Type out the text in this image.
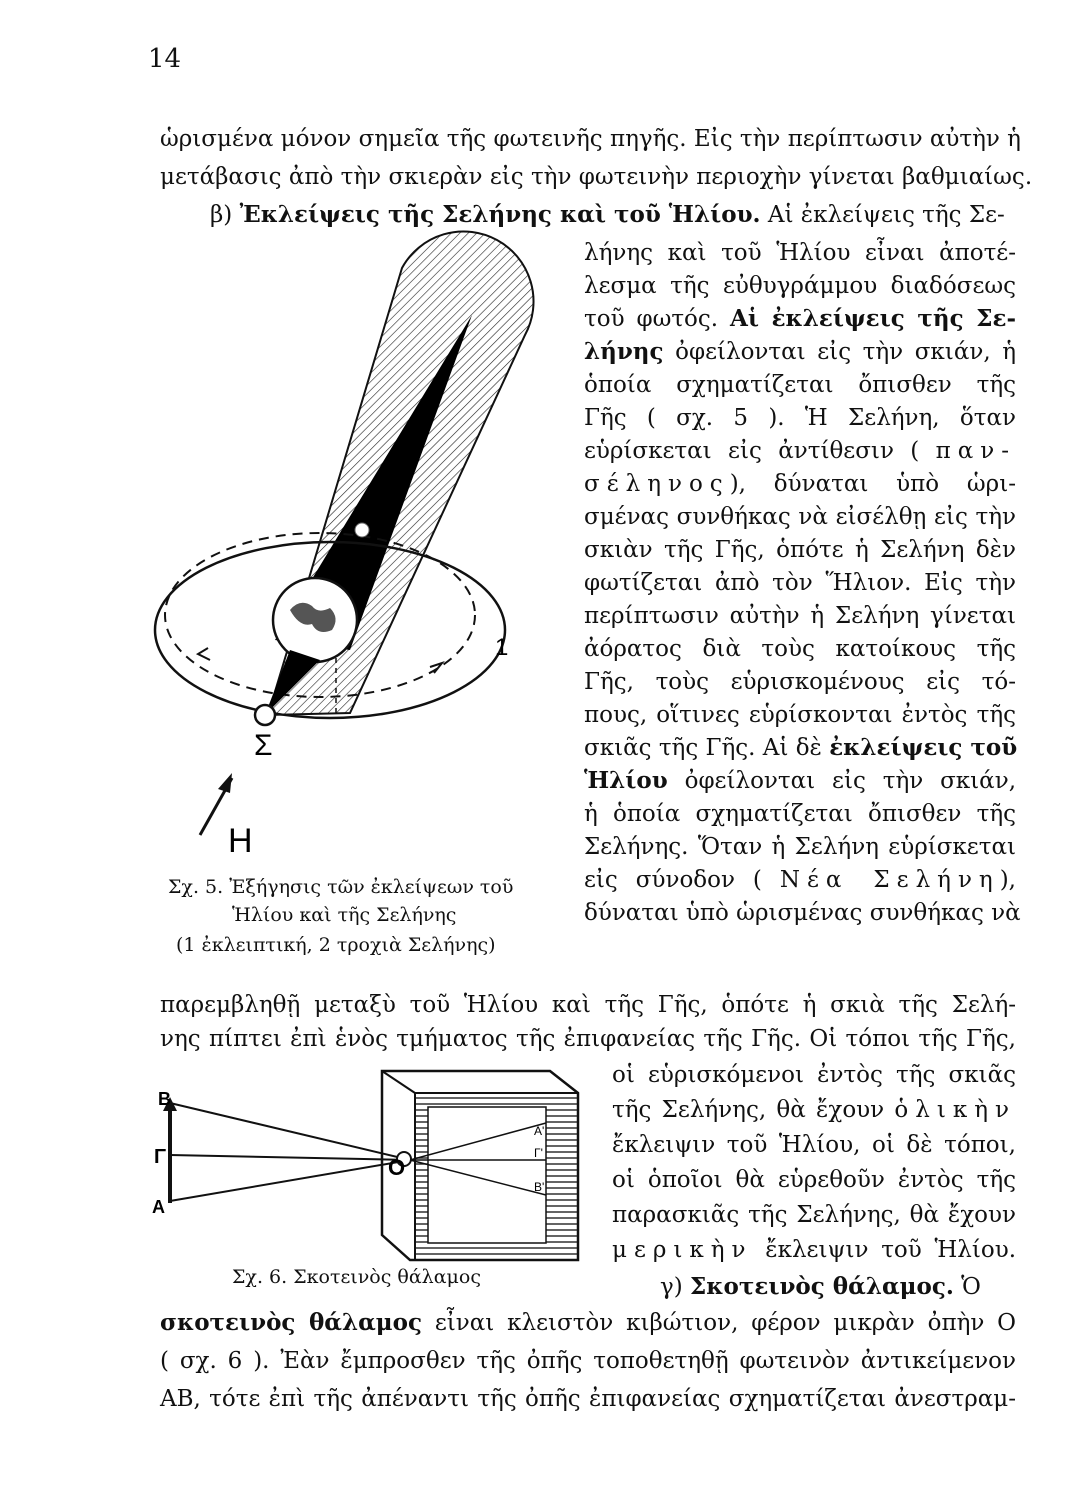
14
ὡρισμένα μόνον σημεῖα τῆς φωτεινῆς πηγῆς. Εἰς τὴν περίπτωσιν αὐτὴν ἡ
μετάβασις ἀπὸ τὴν σκιερὰν εἰς τὴν φωτεινὴν περιοχὴν γίνεται βαθμιαίως.
β) Ἐκλείψεις τῆς Σελήνης καὶ τοῦ Ἡλίου. Αἱ ἐκλείψεις τῆς Σε-
λήνης καὶ τοῦ Ἡλίου εἶναι ἀποτέ-
λεσμα τῆς εὐθυγράμμου διαδόσεως
τοῦ φωτός. Αἱ ἐκλείψεις τῆς Σε-
λήνης ὀφείλονται εἰς τὴν σκιάν, ἡ
ὁποία σχηματίζεται ὄπισθεν τῆς
Γῆς ( σχ. 5 ). Ἡ Σελήνη, ὅταν
εὑρίσκεται εἰς ἀντίθεσιν ( παν-
σέληνος), δύναται ὑπὸ ὡρι-
σμένας συνθήκας νὰ εἰσέλθῃ εἰς τὴν
σκιὰν τῆς Γῆς, ὁπότε ἡ Σελήνη δὲν
φωτίζεται ἀπὸ τὸν Ἥλιον. Εἰς τὴν
περίπτωσιν αὐτὴν ἡ Σελήνη γίνεται
ἀόρατος διὰ τοὺς κατοίκους τῆς
Γῆς, τοὺς εὑρισκομένους εἰς τό-
πους, οἵτινες εὑρίσκονται ἐντὸς τῆς
σκιᾶς τῆς Γῆς. Αἱ δὲ ἐκλείψεις τοῦ
Ἡλίου ὀφείλονται εἰς τὴν σκιάν,
ἡ ὁποία σχηματίζεται ὄπισθεν τῆς
Σελήνης. Ὅταν ἡ Σελήνη εὑρίσκεται
εἰς σύνοδον ( Νέα Σελήνη),
δύναται ὑπὸ ὡρισμένας συνθήκας νὰ
Σ
1
Η
Σχ. 5. Ἐξήγησις τῶν ἐκλείψεων τοῦ
Ἡλίου καὶ τῆς Σελήνης
(1 ἐκλειπτική, 2 τροχιὰ Σελήνης)
παρεμβληθῇ μεταξὺ τοῦ Ἡλίου καὶ τῆς Γῆς, ὁπότε ἡ σκιὰ τῆς Σελή-
νης πίπτει ἐπὶ ἑνὸς τμήματος τῆς ἐπιφανείας τῆς Γῆς. Οἱ τόποι τῆς Γῆς,
οἱ εὑρισκόμενοι ἐντὸς τῆς σκιᾶς
τῆς Σελήνης, θὰ ἔχουν ὁλικὴν
ἔκλειψιν τοῦ Ἡλίου, οἱ δὲ τόποι,
οἱ ὁποῖοι θὰ εὑρεθοῦν ἐντὸς τῆς
παρασκιᾶς τῆς Σελήνης, θὰ ἔχουν
μερικὴν ἔκλειψιν τοῦ Ἡλίου.
γ) Σκοτεινὸς θάλαμος. Ὁ
Β
Γ
Α
Ο
Α'
Γ'
Β'
Σχ. 6. Σκοτεινὸς θάλαμος
σκοτεινὸς θάλαμος εἶναι κλειστὸν κιβώτιον, φέρον μικρὰν ὀπὴν Ο
( σχ. 6 ). Ἐὰν ἔμπροσθεν τῆς ὀπῆς τοποθετηθῇ φωτεινὸν ἀντικείμενον
ΑΒ, τότε ἐπὶ τῆς ἀπέναντι τῆς ὀπῆς ἐπιφανείας σχηματίζεται ἀνεστραμ-
